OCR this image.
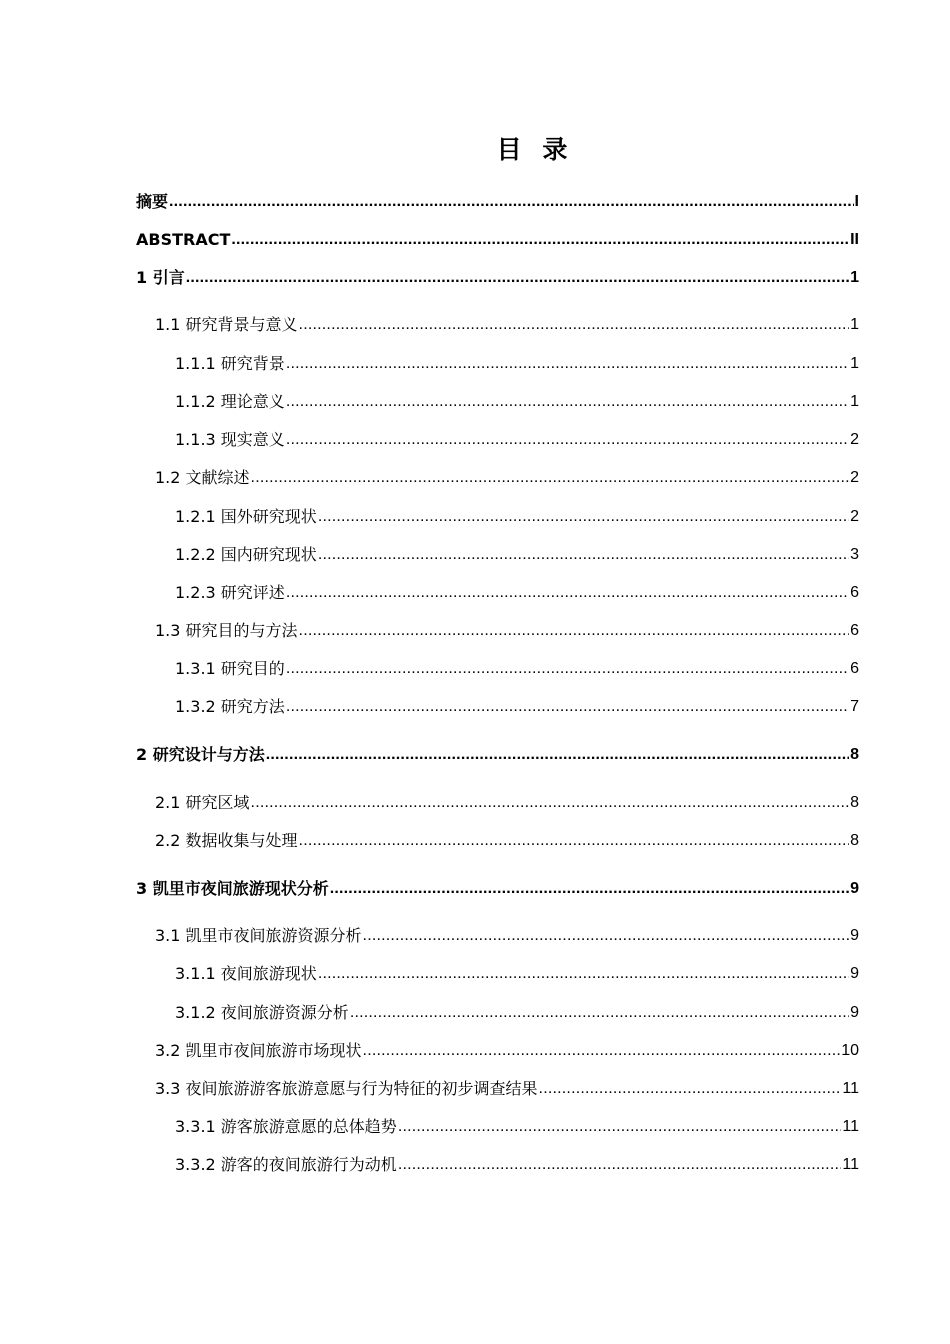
目 录
摘要 .....	I
ABSTRACT .....	II
1 引言 .....	1
1.1 研究背景与意义 .....	1
1.1.1 研究背景 .....	1
1.1.2 理论意义 .....	1
1.1.3 现实意义 .....	2
1.2 文献综述 .....	2
1.2.1 国外研究现状 .....	2
1.2.2 国内研究现状 .....	3
1.2.3 研究评述 .....	6
1.3 研究目的与方法 .....	6
1.3.1 研究目的 .....	6
1.3.2 研究方法 .....	7
2 研究设计与方法 .....	8
2.1 研究区域 .....	8
2.2 数据收集与处理 .....	8
3 凯里市夜间旅游现状分析 .....	9
3.1 凯里市夜间旅游资源分析 .....	9
3.1.1 夜间旅游现状 .....	9
3.1.2 夜间旅游资源分析 .....	9
3.2 凯里市夜间旅游市场现状 .....	10
3.3 夜间旅游游客旅游意愿与行为特征的初步调查结果 .....	11
3.3.1 游客旅游意愿的总体趋势 .....	11
3.3.2 游客的夜间旅游行为动机 .....	11
